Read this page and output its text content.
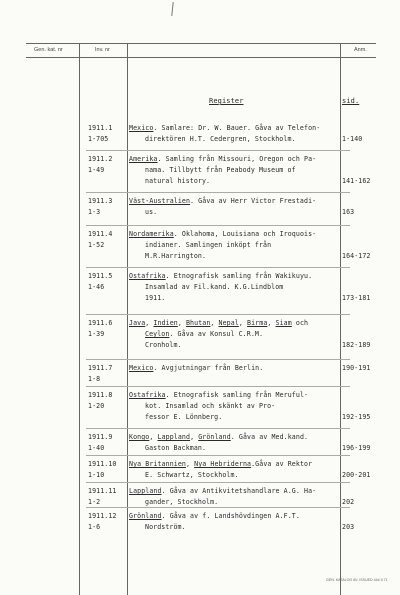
Gen. kat. nr	Inv. nr	Anm.
Register	sid.
1911.1
1-705
Mexico. Samlare: Dr. W. Bauer. Gåva av Telefon-
direktören H.T. Cedergren, Stockholm.	1-140
1911.2
1-49
Amerika. Samling från Missouri, Oregon och Pa-
nama. Tillbytt från Peabody Museum of
natural history.	141-162
1911.3
1-3
Väst-Australien. Gåva av Herr Victor Frestadi-
us.	163
1911.4
1-52
Nordamerika. Oklahoma, Louisiana och Iroquois-
indianer. Samlingen inköpt från
M.R.Harrington.	164-172
1911.5
1-46
Ostafrika. Etnografisk samling från Wakikuyu.
Insamlad av Fil.kand. K.G.Lindblom
1911.	173-181
1911.6
1-39
Java, Indien, Bhutan, Nepal, Birma, Siam och
Ceylon. Gåva av Konsul C.R.M.
Cronholm.	182-189
1911.7
1-8
Mexico. Avgjutningar från Berlin.	190-191
1911.8
1-20
Ostafrika. Etnografisk samling från Meruful-
kot. Insamlad och skänkt av Pro-
fessor E. Lönnberg.	192-195
1911.9
1-40
Kongo, Lappland, Grönland. Gåva av Med.kand.
Gaston Backman.	196-199
1911.10
1-10
Nya Britannien, Nya Hebriderna.Gåva av Rektor
E. Schwartz, Stockholm.	200-201
1911.11
1-2
Lappland. Gåva av Antikvitetshandlare A.G. Ha-
gander, Stockholm.	202
1911.12
1-6
Grönland. Gåva av f. Landshövdingen A.F.T.
Nordström.	203
GEN. KATALOG AV. ISSUED 444 II 71
